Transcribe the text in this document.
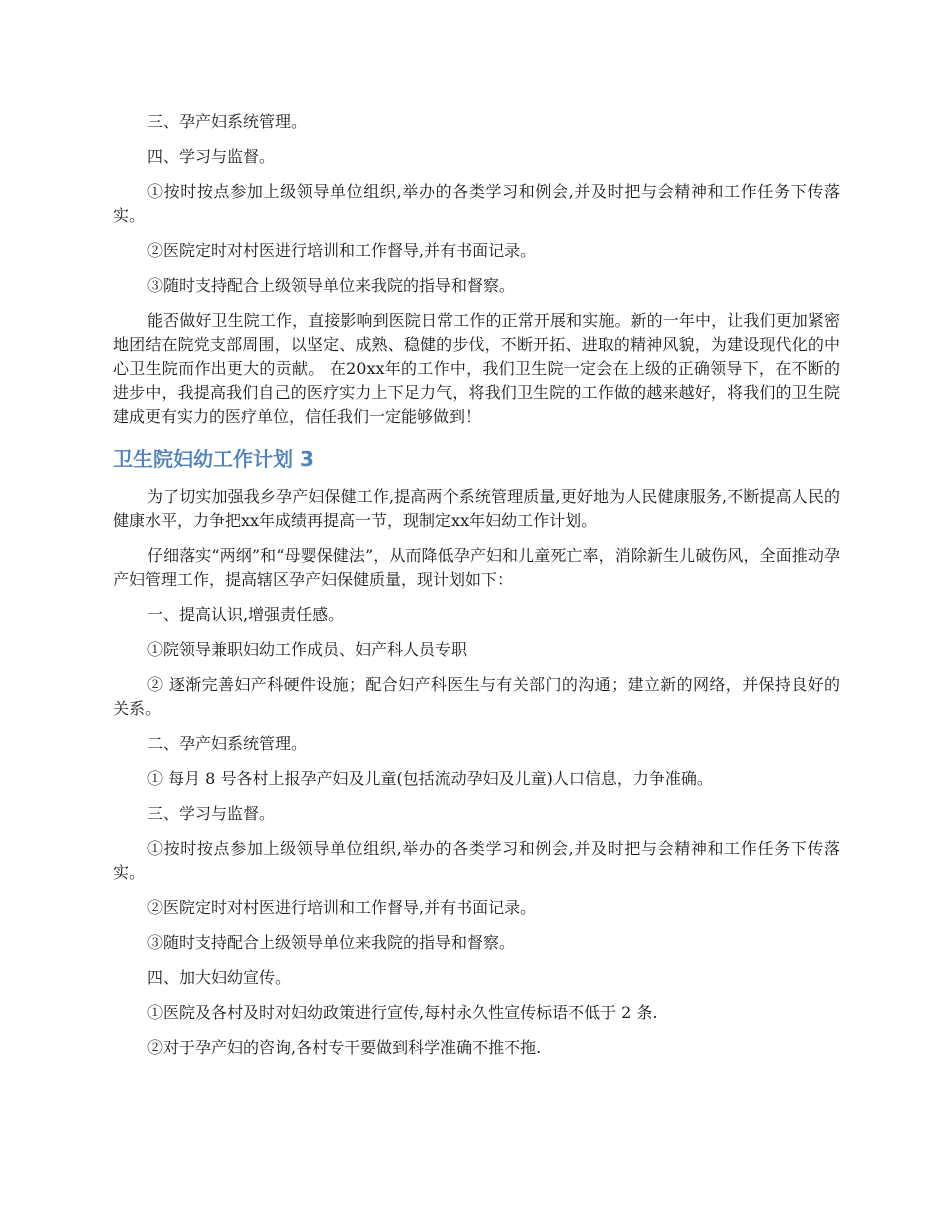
三、孕产妇系统管理。

四、学习与监督。

①按时按点参加上级领导单位组织,举办的各类学习和例会,并及时把与会精神和工作任务下传落实。

②医院定时对村医进行培训和工作督导,并有书面记录。

③随时支持配合上级领导单位来我院的指导和督察。

能否做好卫生院工作，直接影响到医院日常工作的正常开展和实施。新的一年中，让我们更加紧密地团结在院党支部周围，以坚定、成熟、稳健的步伐，不断开拓、进取的精神风貌，为建设现代化的中心卫生院而作出更大的贡献。 在20xx年的工作中，我们卫生院一定会在上级的正确领导下，在不断的进步中，我提高我们自己的医疗实力上下足力气，将我们卫生院的工作做的越来越好，将我们的卫生院建成更有实力的医疗单位，信任我们一定能够做到！

卫生院妇幼工作计划 3

为了切实加强我乡孕产妇保健工作,提高两个系统管理质量,更好地为人民健康服务,不断提高人民的健康水平，力争把xx年成绩再提高一节，现制定xx年妇幼工作计划。

仔细落实“两纲”和“母婴保健法”，从而降低孕产妇和儿童死亡率，消除新生儿破伤风，全面推动孕产妇管理工作，提高辖区孕产妇保健质量，现计划如下：

一、提高认识,增强责任感。

①院领导兼职妇幼工作成员、妇产科人员专职

② 逐渐完善妇产科硬件设施；配合妇产科医生与有关部门的沟通；建立新的网络，并保持良好的关系。

二、孕产妇系统管理。

① 每月 8 号各村上报孕产妇及儿童(包括流动孕妇及儿童)人口信息，力争准确。

三、学习与监督。

①按时按点参加上级领导单位组织,举办的各类学习和例会,并及时把与会精神和工作任务下传落实。

②医院定时对村医进行培训和工作督导,并有书面记录。

③随时支持配合上级领导单位来我院的指导和督察。

四、加大妇幼宣传。

①医院及各村及时对妇幼政策进行宣传,每村永久性宣传标语不低于 2 条.

②对于孕产妇的咨询,各村专干要做到科学准确不推不拖.
